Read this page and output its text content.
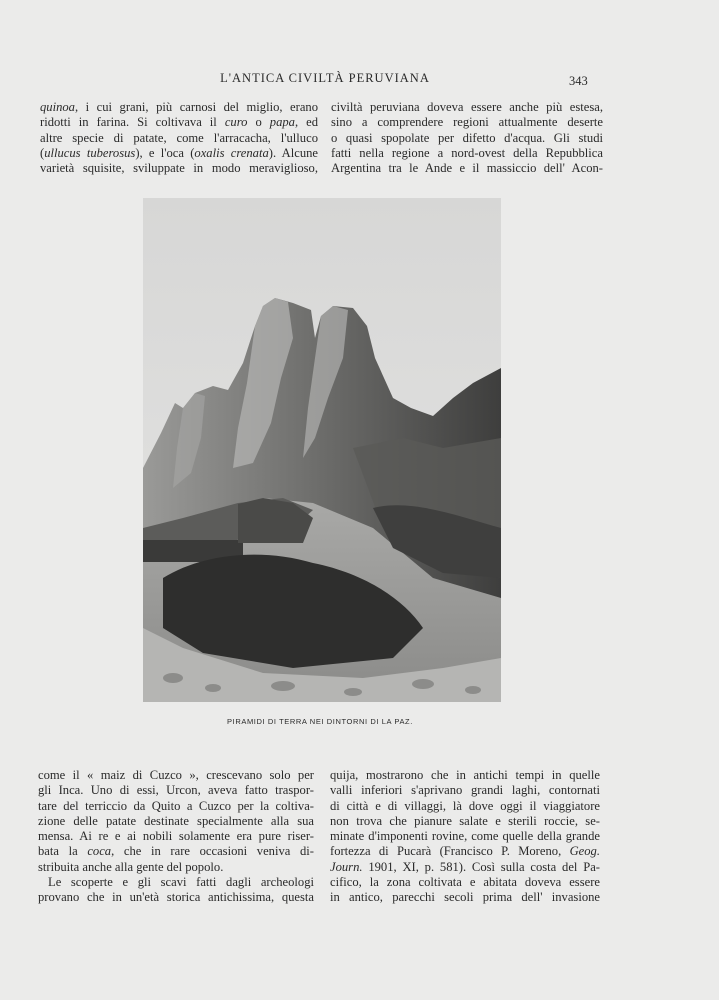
L'ANTICA CIVILTÀ PERUVIANA	343

quinoa, i cui grani, più carnosi del miglio, erano
ridotti in farina. Si coltivava il curo o papa, ed
altre specie di patate, come l'arracacha, l'ulluco
(ullucus tuberosus), e l'oca (oxalis crenata). Alcune
varietà squisite, sviluppate in modo meraviglioso,

civiltà peruviana doveva essere anche più estesa,
sino a comprendere regioni attualmente deserte
o quasi spopolate per difetto d'acqua. Gli studi
fatti nella regione a nord-ovest della Repubblica
Argentina tra le Ande e il massiccio dell' Acon-

PIRAMIDI DI TERRA NEI DINTORNI DI LA PAZ.

come il « maiz di Cuzco », crescevano solo per
gli Inca. Uno di essi, Urcon, aveva fatto traspor-
tare del terriccio da Quito a Cuzco per la coltiva-
zione delle patate destinate specialmente alla sua
mensa. Ai re e ai nobili solamente era pure riser-
bata la coca, che in rare occasioni veniva di-
stribuita anche alla gente del popolo.

Le scoperte e gli scavi fatti dagli archeologi
provano che in un'età storica antichissima, questa

quija, mostrarono che in antichi tempi in quelle
valli inferiori s'aprivano grandi laghi, contornati
di città e di villaggi, là dove oggi il viaggiatore
non trova che pianure salate e sterili roccie, se-
minate d'imponenti rovine, come quelle della grande
fortezza di Pucarà (Francisco P. Moreno, Geog.
Journ. 1901, XI, p. 581). Così sulla costa del Pa-
cifico, la zona coltivata e abitata doveva essere
in antico, parecchi secoli prima dell' invasione
